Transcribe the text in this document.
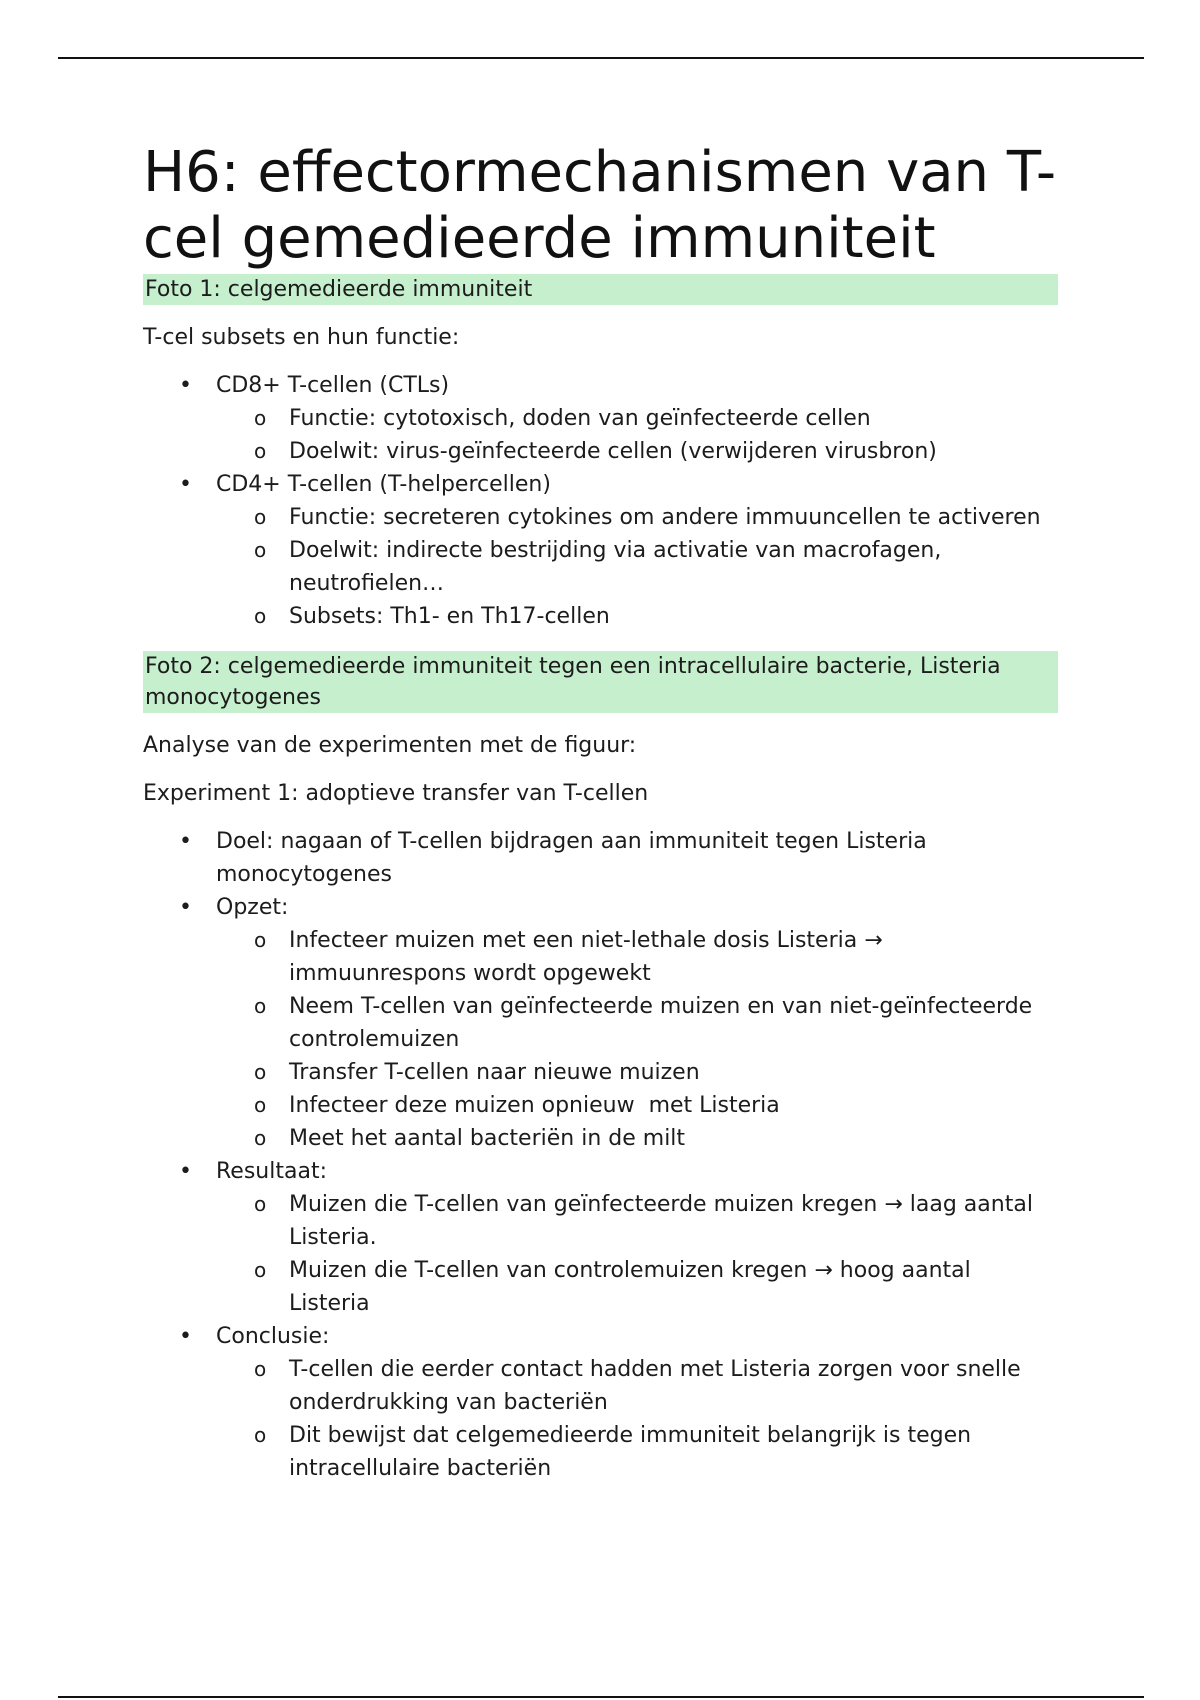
H6: effectormechanismen van T-cel gemedieerde immuniteit
Foto 1: celgemedieerde immuniteit

T-cel subsets en hun functie:

• CD8+ T-cellen (CTLs)
o Functie: cytotoxisch, doden van geïnfecteerde cellen
o Doelwit: virus-geïnfecteerde cellen (verwijderen virusbron)
• CD4+ T-cellen (T-helpercellen)
o Functie: secreteren cytokines om andere immuuncellen te activeren
o Doelwit: indirecte bestrijding via activatie van macrofagen, neutrofielen…
o Subsets: Th1- en Th17-cellen
Foto 2: celgemedieerde immuniteit tegen een intracellulaire bacterie, Listeria monocytogenes

Analyse van de experimenten met de figuur:

Experiment 1: adoptieve transfer van T-cellen

• Doel: nagaan of T-cellen bijdragen aan immuniteit tegen Listeria monocytogenes
• Opzet:
o Infecteer muizen met een niet-lethale dosis Listeria → immuunrespons wordt opgewekt
o Neem T-cellen van geïnfecteerde muizen en van niet-geïnfecteerde controlemuizen
o Transfer T-cellen naar nieuwe muizen
o Infecteer deze muizen opnieuw  met Listeria
o Meet het aantal bacteriën in de milt
• Resultaat:
o Muizen die T-cellen van geïnfecteerde muizen kregen → laag aantal Listeria.
o Muizen die T-cellen van controlemuizen kregen → hoog aantal Listeria
• Conclusie:
o T-cellen die eerder contact hadden met Listeria zorgen voor snelle onderdrukking van bacteriën
o Dit bewijst dat celgemedieerde immuniteit belangrijk is tegen intracellulaire bacteriën
